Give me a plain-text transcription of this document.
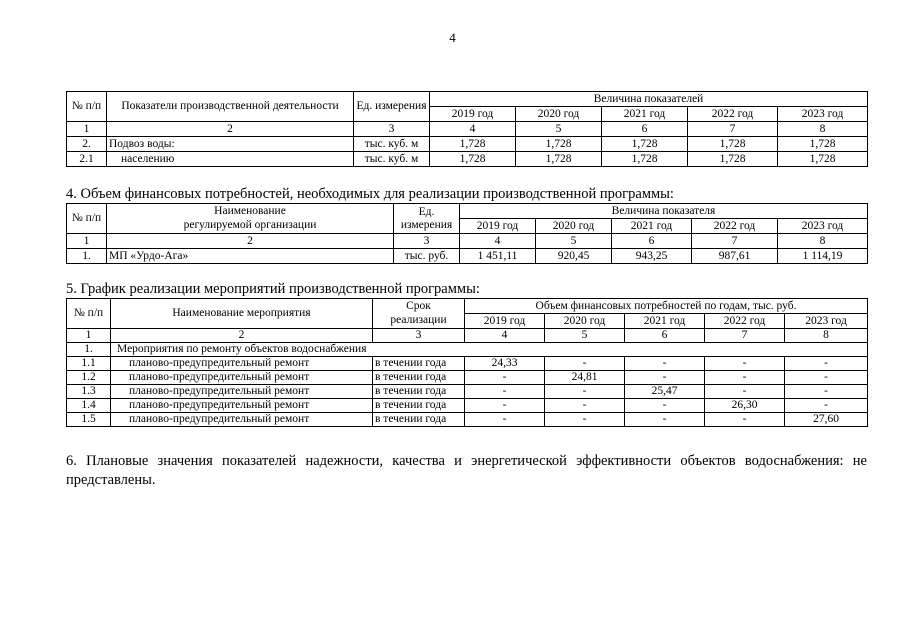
4
№ п/п	Показатели производственной деятельности	Ед. измерения	Величина показателей				
			2019 год	2020 год	2021 год	2022 год	2023 год
1	2	3	4	5	6	7	8
2.	Подвоз воды:	тыс. куб. м	1,728	1,728	1,728	1,728	1,728
2.1	населению	тыс. куб. м	1,728	1,728	1,728	1,728	1,728
4. Объем финансовых потребностей, необходимых для реализации производственной программы:
№ п/п	Наименование	Ед. измерения	Величина показателя				
	регулируемой организации		2019 год	2020 год	2021 год	2022 год	2023 год
1	2	3	4	5	6	7	8
1.	МП «Урдо-Ага»	тыс. руб.	1 451,11	920,45	943,25	987,61	1 114,19
5. График реализации мероприятий производственной программы:
№ п/п	Наименование мероприятия	Срок	Объем финансовых потребностей по годам, тыс. руб.				
		реализации	2019 год	2020 год	2021 год	2022 год	2023 год
1	2	3	4	5	6	7	8
1.	Мероприятия по ремонту объектов водоснабжения						
1.1	планово-предупредительный ремонт	в течении года	24,33	-	-	-	-
1.2	планово-предупредительный ремонт	в течении года	-	24,81	-	-	-
1.3	планово-предупредительный ремонт	в течении года	-	-	25,47	-	-
1.4	планово-предупредительный ремонт	в течении года	-	-	-	26,30	-
1.5	планово-предупредительный ремонт	в течении года	-	-	-	-	27,60
6. Плановые значения показателей надежности, качества и энергетической эффективности объектов водоснабжения: не
представлены.
